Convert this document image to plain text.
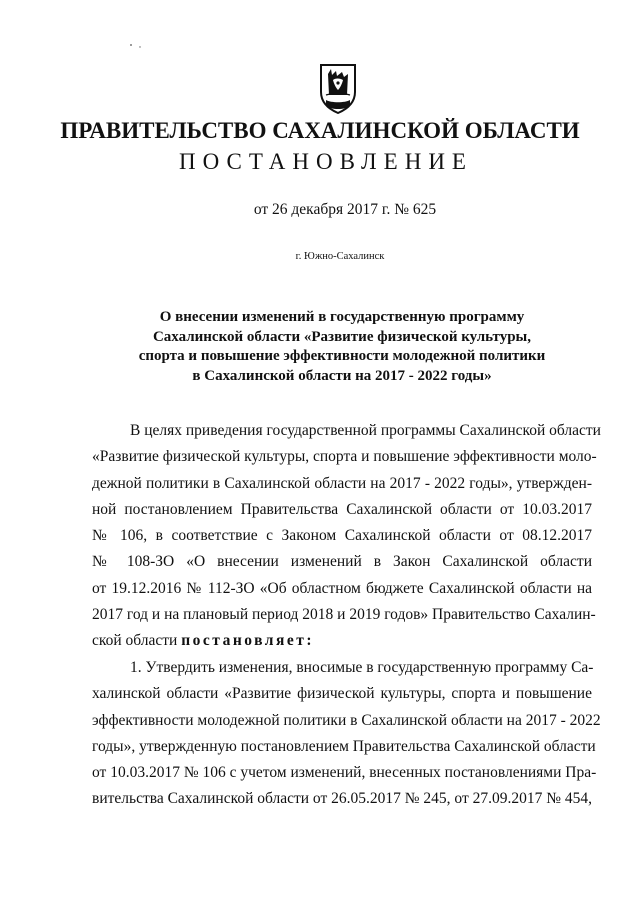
ПРАВИТЕЛЬСТВО САХАЛИНСКОЙ ОБЛАСТИ
ПОСТАНОВЛЕНИЕ
от 26 декабря 2017 г. № 625
г. Южно-Сахалинск
О внесении изменений в государственную программу
Сахалинской области «Развитие физической культуры,
спорта и повышение эффективности молодежной политики
в Сахалинской области на 2017 - 2022 годы»
В целях приведения государственной программы Сахалинской области
«Развитие физической культуры, спорта и повышение эффективности моло-
дежной политики в Сахалинской области на 2017 - 2022 годы», утвержден-
ной постановлением Правительства Сахалинской области от 10.03.2017
№ 106, в соответствие с Законом Сахалинской области от 08.12.2017
№ 108-ЗО «О внесении изменений в Закон Сахалинской области
от 19.12.2016 № 112-ЗО «Об областном бюджете Сахалинской области на
2017 год и на плановый период 2018 и 2019 годов» Правительство Сахалин-
ской области постановляет:
1. Утвердить изменения, вносимые в государственную программу Са-
халинской области «Развитие физической культуры, спорта и повышение
эффективности молодежной политики в Сахалинской области на 2017 - 2022
годы», утвержденную постановлением Правительства Сахалинской области
от 10.03.2017 № 106 с учетом изменений, внесенных постановлениями Пра-
вительства Сахалинской области от 26.05.2017 № 245, от 27.09.2017 № 454,
